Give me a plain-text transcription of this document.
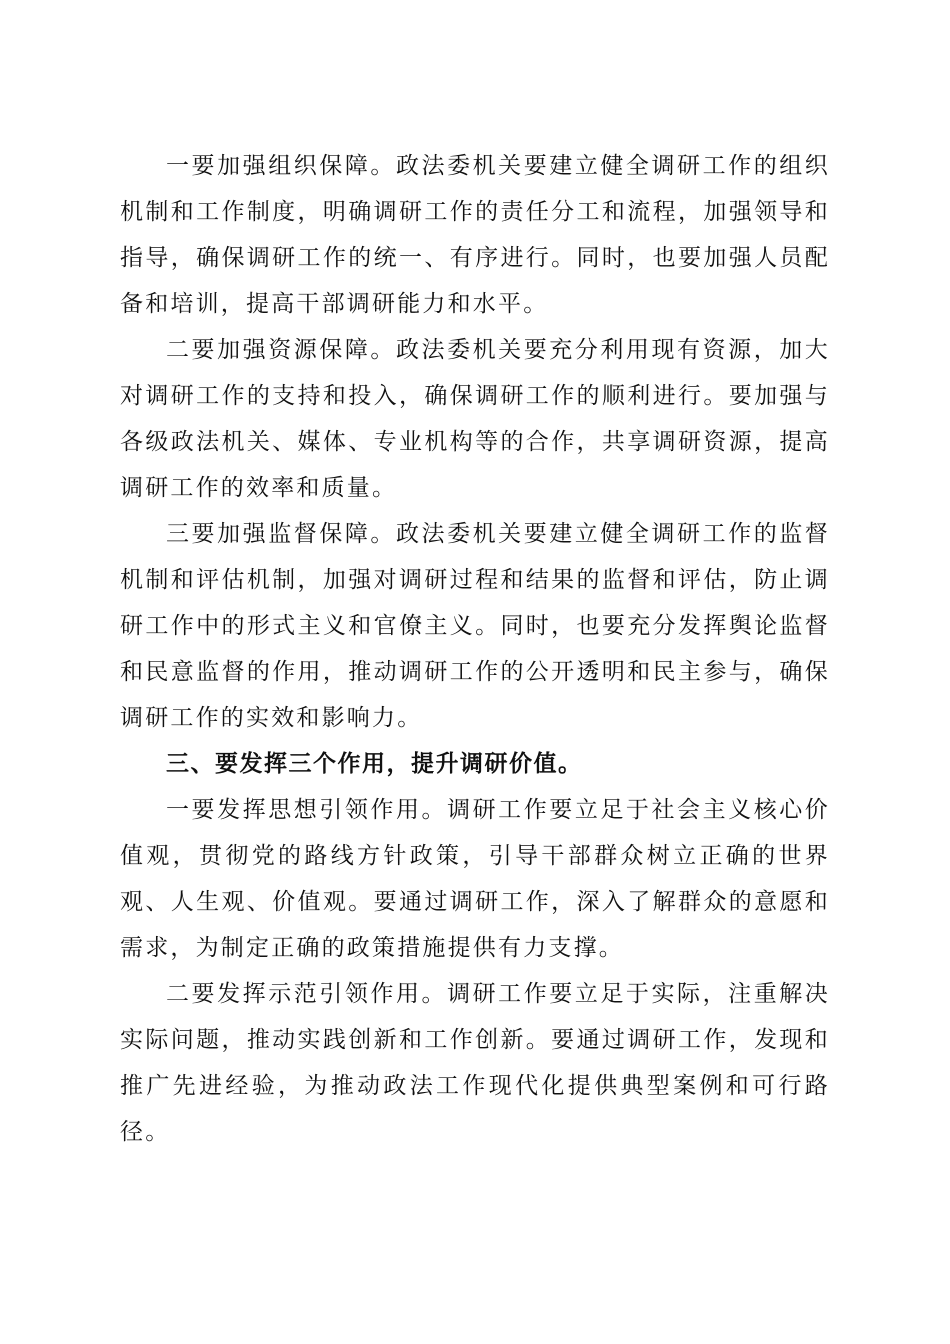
一要加强组织保障。政法委机关要建立健全调研工作的组织机制和工作制度，明确调研工作的责任分工和流程，加强领导和指导，确保调研工作的统一、有序进行。同时，也要加强人员配备和培训，提高干部调研能力和水平。

二要加强资源保障。政法委机关要充分利用现有资源，加大对调研工作的支持和投入，确保调研工作的顺利进行。要加强与各级政法机关、媒体、专业机构等的合作，共享调研资源，提高调研工作的效率和质量。

三要加强监督保障。政法委机关要建立健全调研工作的监督机制和评估机制，加强对调研过程和结果的监督和评估，防止调研工作中的形式主义和官僚主义。同时，也要充分发挥舆论监督和民意监督的作用，推动调研工作的公开透明和民主参与，确保调研工作的实效和影响力。

三、要发挥三个作用，提升调研价值。

一要发挥思想引领作用。调研工作要立足于社会主义核心价值观，贯彻党的路线方针政策，引导干部群众树立正确的世界观、人生观、价值观。要通过调研工作，深入了解群众的意愿和需求，为制定正确的政策措施提供有力支撑。

二要发挥示范引领作用。调研工作要立足于实际，注重解决实际问题，推动实践创新和工作创新。要通过调研工作，发现和推广先进经验，为推动政法工作现代化提供典型案例和可行路径。
